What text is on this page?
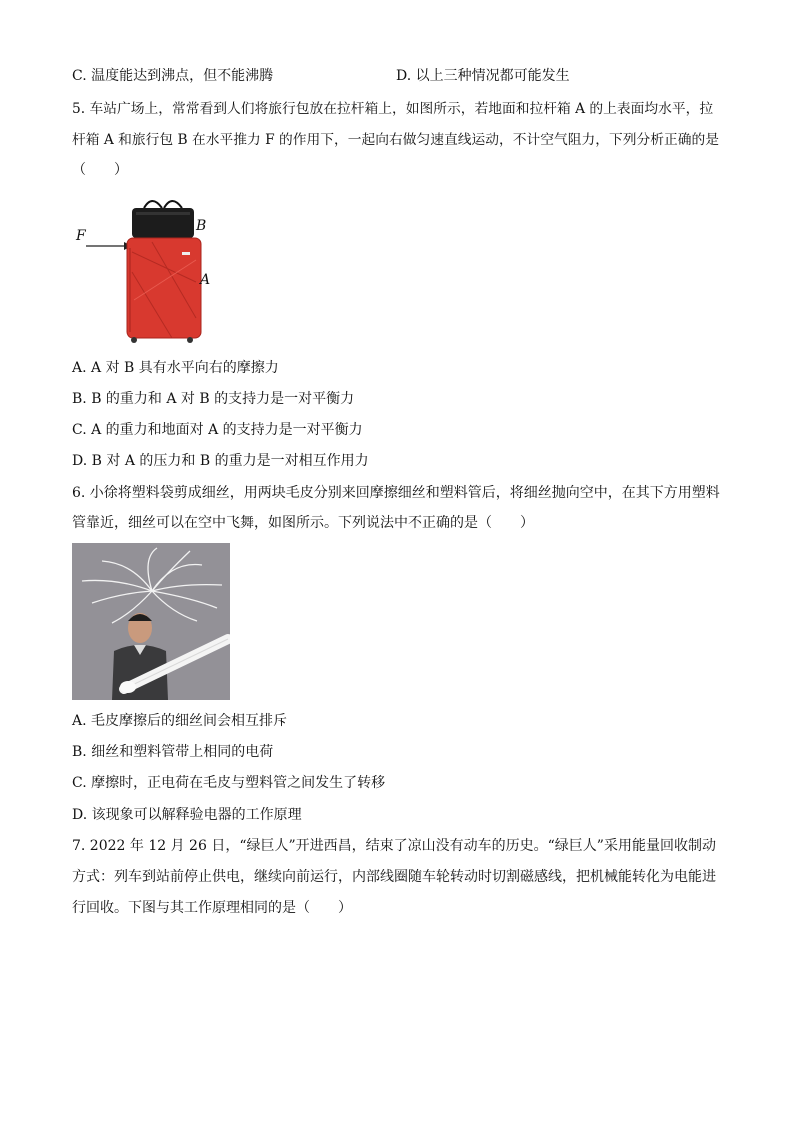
C. 温度能达到沸点，但不能沸腾	D. 以上三种情况都可能发生
5. 车站广场上，常常看到人们将旅行包放在拉杆箱上，如图所示，若地面和拉杆箱 A 的上表面均水平，拉
杆箱 A 和旅行包 B 在水平推力 F 的作用下，一起向右做匀速直线运动，不计空气阻力，下列分析正确的是
（　　）
F
B
A
A. A 对 B 具有水平向右的摩擦力
B. B 的重力和 A 对 B 的支持力是一对平衡力
C. A 的重力和地面对 A 的支持力是一对平衡力
D. B 对 A 的压力和 B 的重力是一对相互作用力
6. 小徐将塑料袋剪成细丝，用两块毛皮分别来回摩擦细丝和塑料管后，将细丝抛向空中，在其下方用塑料
管靠近，细丝可以在空中飞舞，如图所示。下列说法中不正确的是（　　）
A. 毛皮摩擦后的细丝间会相互排斥
B. 细丝和塑料管带上相同的电荷
C. 摩擦时，正电荷在毛皮与塑料管之间发生了转移
D. 该现象可以解释验电器的工作原理
7. 2022 年 12 月 26 日，“绿巨人”开进西昌，结束了凉山没有动车的历史。“绿巨人”采用能量回收制动
方式：列车到站前停止供电，继续向前运行，内部线圈随车轮转动时切割磁感线，把机械能转化为电能进
行回收。下图与其工作原理相同的是（　　）
